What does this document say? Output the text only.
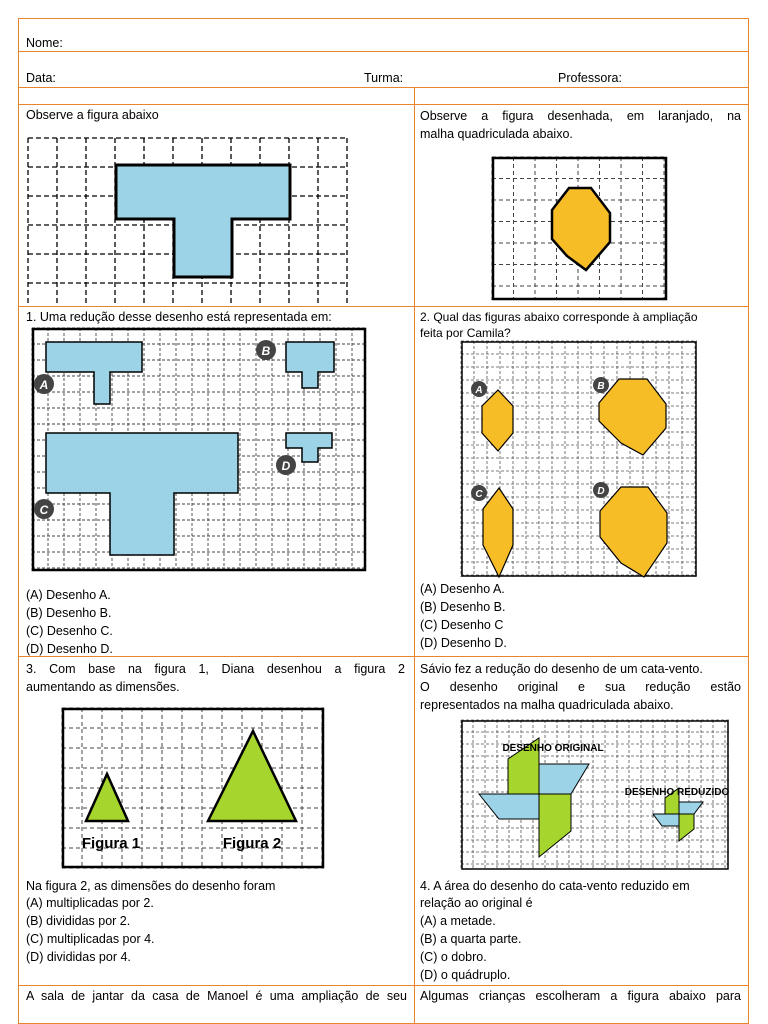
Nome:
Data:	Turma:	Professora:
Observe a figura abaixo
1. Uma redução desse desenho está representada em:
A
B
C
D
(A) Desenho A.
(B) Desenho B.
(C) Desenho C.
(D) Desenho D.
Observe a figura desenhada, em laranjado, na
malha quadriculada abaixo.
2. Qual das figuras abaixo corresponde à ampliação
feita por Camila?
A	B
C	D
(A) Desenho A.
(B) Desenho B.
(C) Desenho C
(D) Desenho D.
3. Com base na figura 1, Diana desenhou a figura 2
aumentando as dimensões.
Figura 1	Figura 2
Na figura 2, as dimensões do desenho foram
(A) multiplicadas por 2.
(B) divididas por 2.
(C) multiplicadas por 4.
(D) divididas por 4.
Sávio fez a redução do desenho de um cata-vento.
O desenho original e sua redução estão
representados na malha quadriculada abaixo.
DESENHO ORIGINAL
DESENHO REDUZIDO
4. A área do desenho do cata-vento reduzido em
relação ao original é
(A) a metade.
(B) a quarta parte.
(C) o dobro.
(D) o quádruplo.
A sala de jantar da casa de Manoel é uma ampliação de seu Algumas crianças escolheram a figura abaixo para
